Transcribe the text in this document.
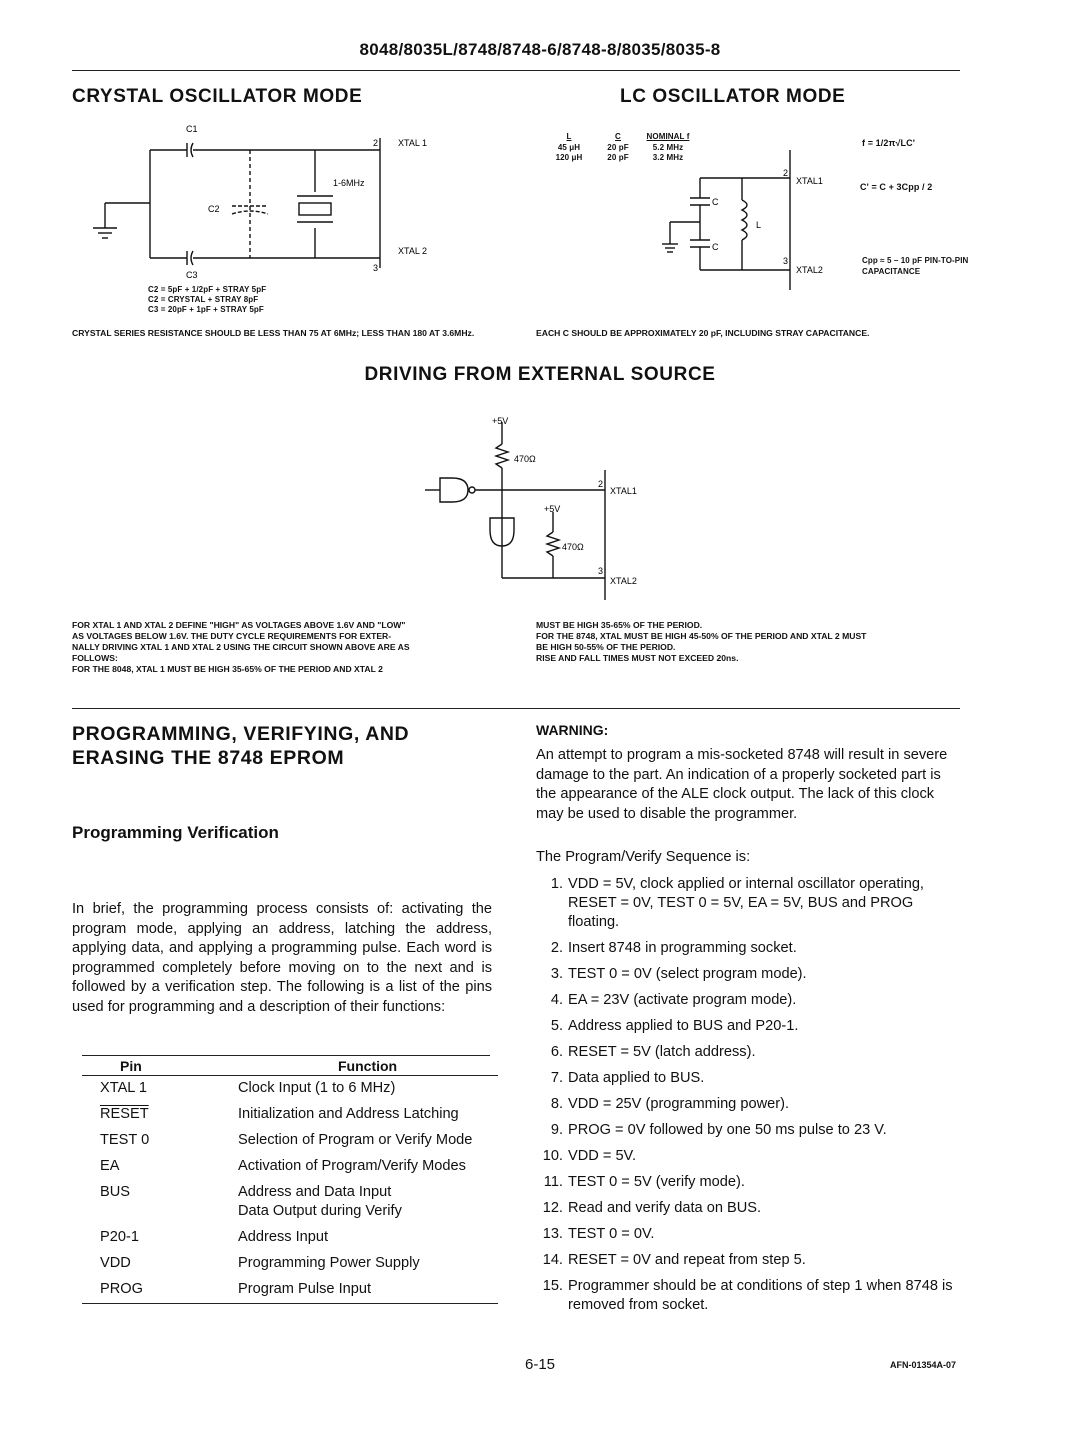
8048/8035L/8748/8748-6/8748-8/8035/8035-8
CRYSTAL OSCILLATOR MODE
C1
C2
C3
1-6MHz
2
3
XTAL 1
XTAL 2
C2 = 5pF + 1/2pF + STRAY 5pF
C2 = CRYSTAL + STRAY 8pF
C3 = 20pF + 1pF + STRAY 5pF
CRYSTAL SERIES RESISTANCE SHOULD BE LESS THAN 75 AT 6MHz; LESS THAN 180 AT 3.6MHz.
LC OSCILLATOR MODE
L	C	NOMINAL f
45 μH	20 pF	5.2 MHz
120 μH	20 pF	3.2 MHz
C
C
L
2
3
XTAL1
XTAL2
f = 1/2π√LC'
C' = C + 3Cpp / 2
Cpp ≈ 5 – 10 pF PIN-TO-PIN CAPACITANCE
EACH C SHOULD BE APPROXIMATELY 20 pF, INCLUDING STRAY CAPACITANCE.
DRIVING FROM EXTERNAL SOURCE
+5V
470Ω
+5V
470Ω
2
3
XTAL1
XTAL2
FOR XTAL 1 AND XTAL 2 DEFINE "HIGH" AS VOLTAGES ABOVE 1.6V AND "LOW"
AS VOLTAGES BELOW 1.6V. THE DUTY CYCLE REQUIREMENTS FOR EXTER-
NALLY DRIVING XTAL 1 AND XTAL 2 USING THE CIRCUIT SHOWN ABOVE ARE AS
FOLLOWS:
FOR THE 8048, XTAL 1 MUST BE HIGH 35-65% OF THE PERIOD AND XTAL 2
MUST BE HIGH 35-65% OF THE PERIOD.
FOR THE 8748, XTAL MUST BE HIGH 45-50% OF THE PERIOD AND XTAL 2 MUST
BE HIGH 50-55% OF THE PERIOD.
RISE AND FALL TIMES MUST NOT EXCEED 20ns.
PROGRAMMING, VERIFYING, AND
ERASING THE 8748 EPROM
Programming Verification
In brief, the programming process consists of: activating the program mode, applying an address, latching the address, applying data, and applying a programming pulse. Each word is programmed completely before moving on to the next and is followed by a verification step. The following is a list of the pins used for programming and a description of their functions:
Pin	Function
XTAL 1	Clock Input (1 to 6 MHz)
RESET	Initialization and Address Latching
TEST 0	Selection of Program or Verify Mode
EA	Activation of Program/Verify Modes
BUS	Address and Data Input
Data Output during Verify
P20-1	Address Input
VDD	Programming Power Supply
PROG	Program Pulse Input
WARNING:
An attempt to program a mis-socketed 8748 will result in severe damage to the part. An indication of a properly socketed part is the appearance of the ALE clock output. The lack of this clock may be used to disable the programmer.
The Program/Verify Sequence is:
1. VDD = 5V, clock applied or internal oscillator operating, RESET = 0V, TEST 0 = 5V, EA = 5V, BUS and PROG floating.
2. Insert 8748 in programming socket.
3. TEST 0 = 0V (select program mode).
4. EA = 23V (activate program mode).
5. Address applied to BUS and P20-1.
6. RESET = 5V (latch address).
7. Data applied to BUS.
8. VDD = 25V (programming power).
9. PROG = 0V followed by one 50 ms pulse to 23 V.
10. VDD = 5V.
11. TEST 0 = 5V (verify mode).
12. Read and verify data on BUS.
13. TEST 0 = 0V.
14. RESET = 0V and repeat from step 5.
15. Programmer should be at conditions of step 1 when 8748 is removed from socket.
6-15	AFN-01354A-07
